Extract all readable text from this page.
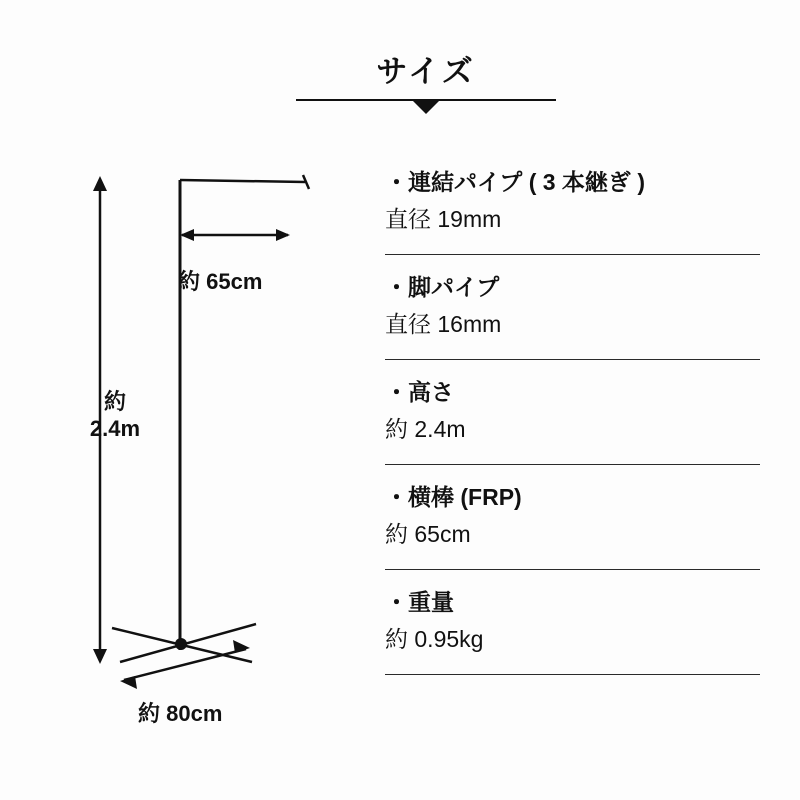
サイズ
約 65cm
約
2.4m
約 80cm
・連結パイプ ( 3 本継ぎ )
直径 19mm
・脚パイプ
直径 16mm
・高さ
約 2.4m
・横棒 (FRP)
約 65cm
・重量
約 0.95kg
